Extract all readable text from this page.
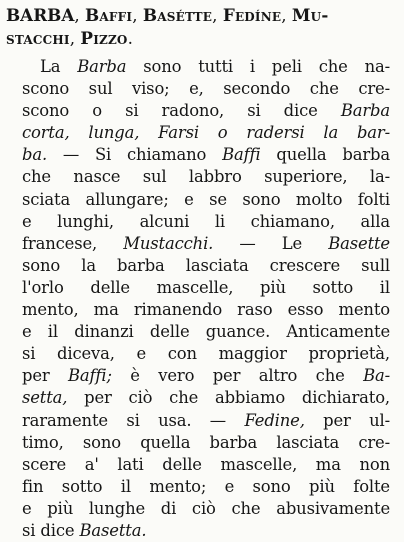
BARBA, Baffi, Basétte, Fedíne, Mu-
stacchi, Pizzo.
La Barba sono tutti i peli che na-
scono sul viso; e, secondo che cre-
scono o si radono, si dice Barba
corta, lunga, Farsi o radersi la bar-
ba. — Si chiamano Baffi quella barba
che nasce sul labbro superiore, la-
sciata allungare; e se sono molto folti
e lunghi, alcuni li chiamano, alla
francese, Mustacchi. — Le Basette
sono la barba lasciata crescere sull
l'orlo delle mascelle, più sotto il
mento, ma rimanendo raso esso mento
e il dinanzi delle guance. Anticamente
si diceva, e con maggior proprietà,
per Baffi; è vero per altro che Ba-
setta, per ciò che abbiamo dichiarato,
raramente si usa. — Fedine, per ul-
timo, sono quella barba lasciata cre-
scere a' lati delle mascelle, ma non
fin sotto il mento; e sono più folte
e più lunghe di ciò che abusivamente
si dice Basetta.
